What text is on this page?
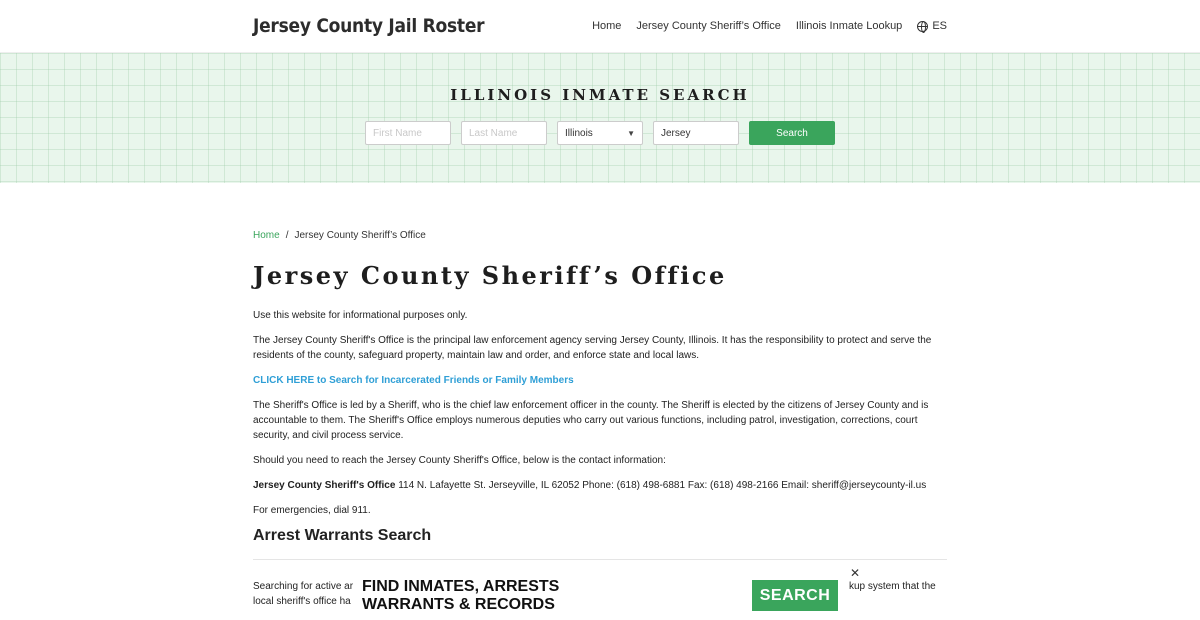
Jersey County Jail Roster	Home Jersey County Sheriff’s Office Illinois Inmate Lookup	ES
ILLINOIS INMATE SEARCH
First Name	Last Name	Illinois	▼	Jersey	Search
Home / Jersey County Sheriff’s Office
Jersey County Sheriff’s Office

Use this website for informational purposes only.

The Jersey County Sheriff's Office is the principal law enforcement agency serving Jersey County, Illinois. It has the responsibility to protect and serve the residents of the county, safeguard property, maintain law and order, and enforce state and local laws.

CLICK HERE to Search for Incarcerated Friends or Family Members

The Sheriff's Office is led by a Sheriff, who is the chief law enforcement officer in the county. The Sheriff is elected by the citizens of Jersey County and is accountable to them. The Sheriff's Office employs numerous deputies who carry out various functions, including patrol, investigation, corrections, court security, and civil process service.

Should you need to reach the Jersey County Sheriff's Office, below is the contact information:

Jersey County Sheriff's Office 114 N. Lafayette St. Jerseyville, IL 62052 Phone: (618) 498-6881 Fax: (618) 498-2166 Email: sheriff@jerseycounty-il.us

For emergencies, dial 911.

Arrest Warrants Search
Searching for active ar
local sheriff's office ha
kup system that the
FIND INMATES, ARRESTS
WARRANTS & RECORDS
SEARCH
✕
